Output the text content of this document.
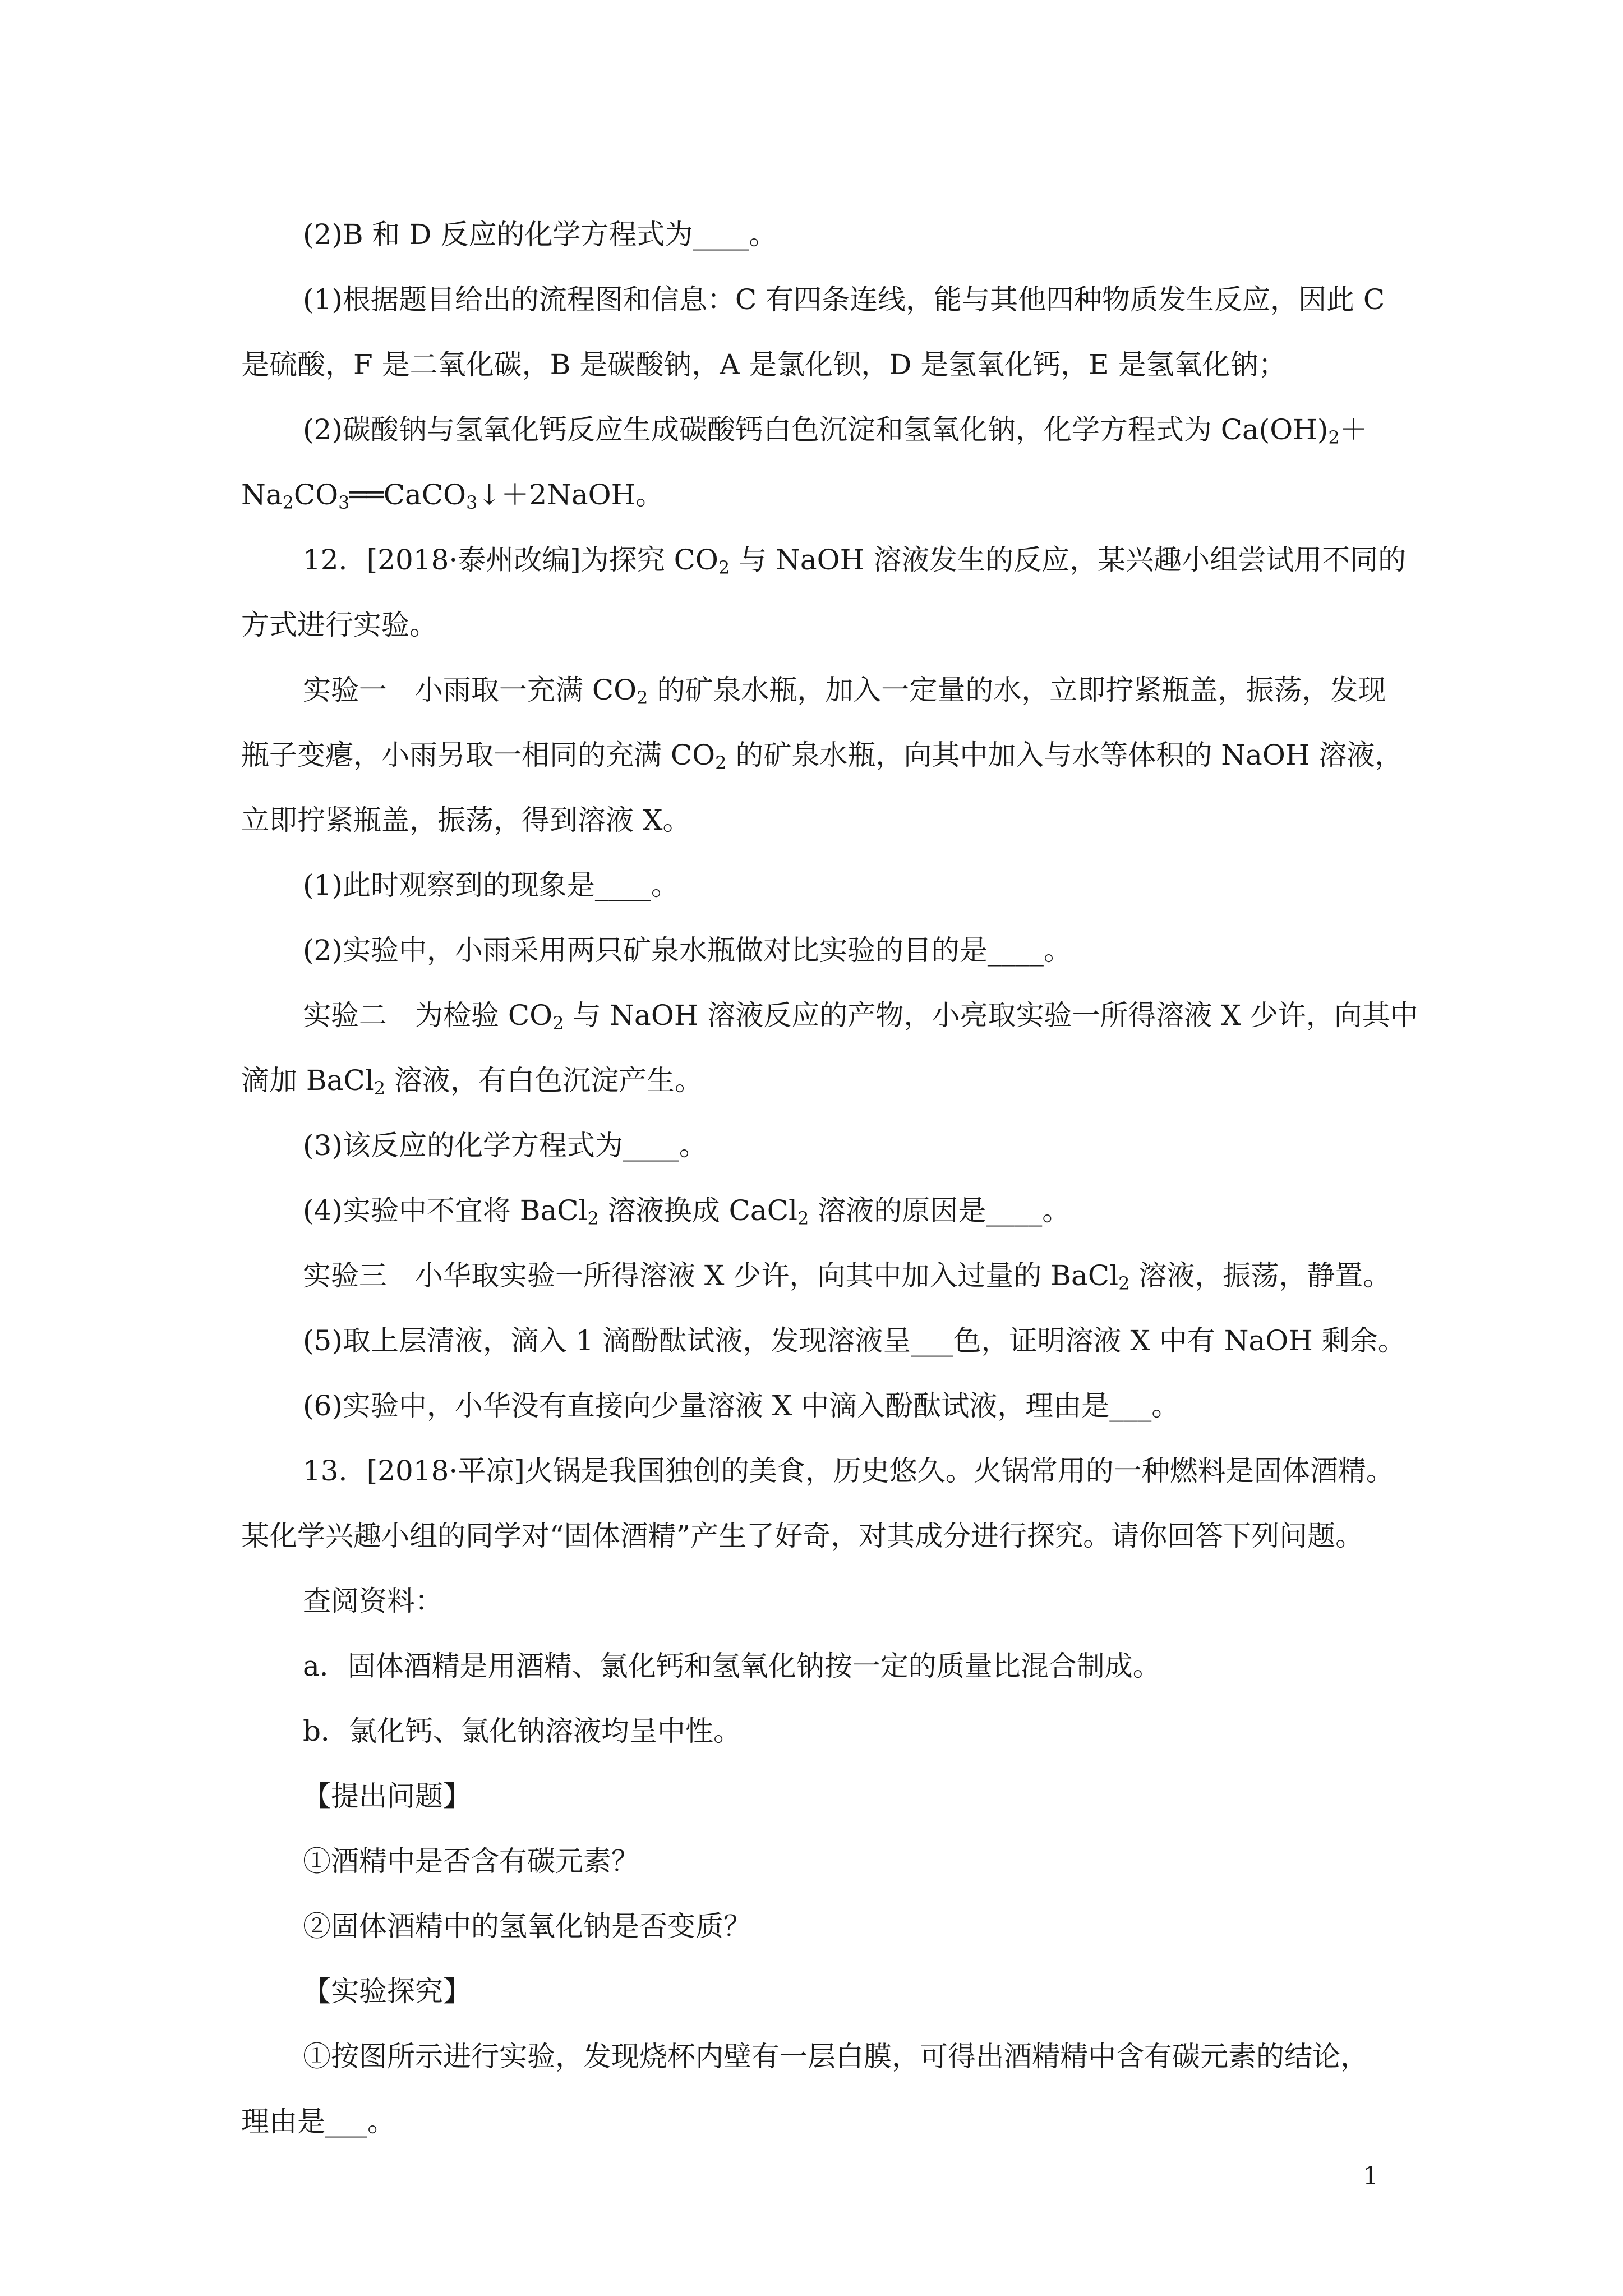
(2)B 和 D 反应的化学方程式为____。
(1)根据题目给出的流程图和信息：C 有四条连线，能与其他四种物质发生反应，因此 C
是硫酸，F 是二氧化碳，B 是碳酸钠，A 是氯化钡，D 是氢氧化钙，E 是氢氧化钠；
(2)碳酸钠与氢氧化钙反应生成碳酸钙白色沉淀和氢氧化钠，化学方程式为 $Ca(OH)_2+$
$Na_2CO_3══CaCO_3↓+2NaOH$。
12．[2018·泰州改编]为探究 $CO_2$ 与 NaOH 溶液发生的反应，某兴趣小组尝试用不同的
方式进行实验。
实验一　小雨取一充满 $CO_2$ 的矿泉水瓶，加入一定量的水，立即拧紧瓶盖，振荡，发现
瓶子变瘪，小雨另取一相同的充满 $CO_2$ 的矿泉水瓶，向其中加入与水等体积的 NaOH 溶液，
立即拧紧瓶盖，振荡，得到溶液 X。
(1)此时观察到的现象是____。
(2)实验中，小雨采用两只矿泉水瓶做对比实验的目的是____。
实验二　为检验 $CO_2$ 与 NaOH 溶液反应的产物，小亮取实验一所得溶液 X 少许，向其中
滴加 BaCl$_2$ 溶液，有白色沉淀产生。
(3)该反应的化学方程式为____。
(4)实验中不宜将 BaCl$_2$ 溶液换成 CaCl$_2$ 溶液的原因是____。
实验三　小华取实验一所得溶液 X 少许，向其中加入过量的 BaCl$_2$ 溶液，振荡，静置。
(5)取上层清液，滴入 1 滴酚酞试液，发现溶液呈___色，证明溶液 X 中有 NaOH 剩余。
(6)实验中，小华没有直接向少量溶液 X 中滴入酚酞试液，理由是___。
13．[2018·平凉]火锅是我国独创的美食，历史悠久。火锅常用的一种燃料是固体酒精。
某化学兴趣小组的同学对“固体酒精”产生了好奇，对其成分进行探究。请你回答下列问题。
查阅资料：
a．固体酒精是用酒精、氯化钙和氢氧化钠按一定的质量比混合制成。
b．氯化钙、氯化钠溶液均呈中性。
【提出问题】
①酒精中是否含有碳元素？
②固体酒精中的氢氧化钠是否变质？
【实验探究】
①按图所示进行实验，发现烧杯内壁有一层白膜，可得出酒精精中含有碳元素的结论，
理由是___。
1
